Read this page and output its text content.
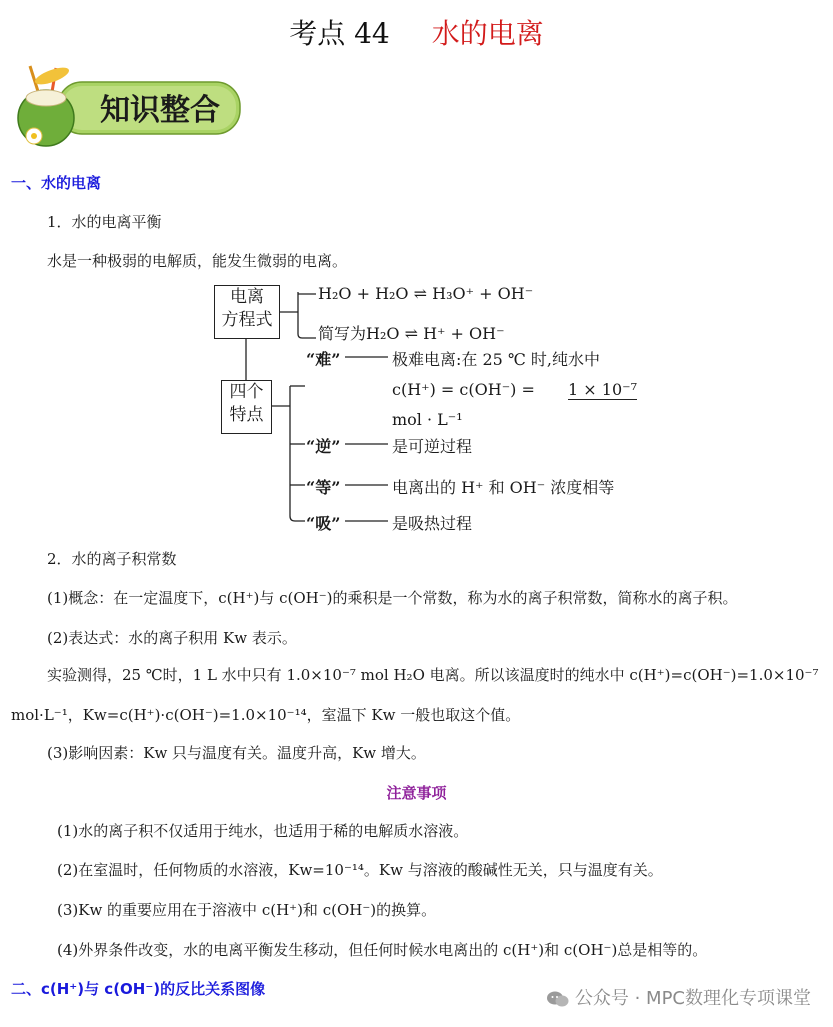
考点 44 水的电离
知识整合
一、水的电离
1．水的电离平衡
水是一种极弱的电解质，能发生微弱的电离。
电离
方程式
四个
特点
H₂O + H₂O ⇌ H₃O⁺ + OH⁻
简写为H₂O ⇌ H⁺ + OH⁻
“难”	极难电离:在 25 ℃ 时,纯水中
c(H⁺) = c(OH⁻) = 1 × 10⁻⁷
mol · L⁻¹
“逆”	是可逆过程
“等”	电离出的 H⁺ 和 OH⁻ 浓度相等
“吸”	是吸热过程
2．水的离子积常数
(1)概念：在一定温度下，c(H⁺)与 c(OH⁻)的乘积是一个常数，称为水的离子积常数，简称水的离子积。
(2)表达式：水的离子积用 Kw 表示。
实验测得，25 ℃时，1 L 水中只有 1.0×10⁻⁷ mol H₂O 电离。所以该温度时的纯水中 c(H⁺)=c(OH⁻)=1.0×10⁻⁷
mol·L⁻¹，Kw=c(H⁺)·c(OH⁻)=1.0×10⁻¹⁴，室温下 Kw 一般也取这个值。
(3)影响因素：Kw 只与温度有关。温度升高，Kw 增大。
注意事项
(1)水的离子积不仅适用于纯水，也适用于稀的电解质水溶液。
(2)在室温时，任何物质的水溶液，Kw=10⁻¹⁴。Kw 与溶液的酸碱性无关，只与温度有关。
(3)Kw 的重要应用在于溶液中 c(H⁺)和 c(OH⁻)的换算。
(4)外界条件改变，水的电离平衡发生移动，但任何时候水电离出的 c(H⁺)和 c(OH⁻)总是相等的。
二、c(H⁺)与 c(OH⁻)的反比关系图像	公众号 · MPC数理化专项课堂
